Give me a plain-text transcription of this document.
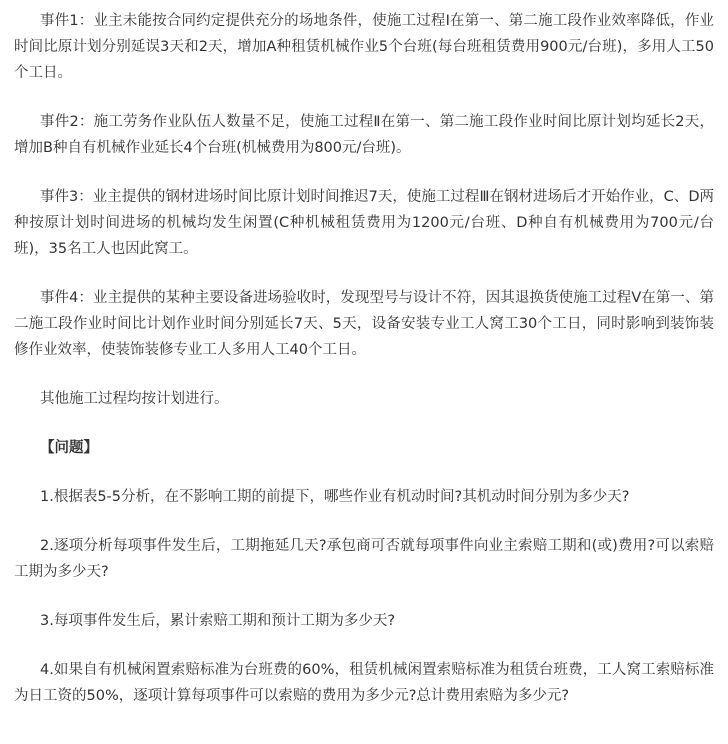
事件1：业主未能按合同约定提供充分的场地条件，使施工过程Ⅰ在第一、第二施工段作业效率降低，作业时间比原计划分别延误3天和2天，增加A种租赁机械作业5个台班(每台班租赁费用900元/台班)，多用人工50个工日。

事件2：施工劳务作业队伍人数量不足，使施工过程Ⅱ在第一、第二施工段作业时间比原计划均延长2天，增加B种自有机械作业延长4个台班(机械费用为800元/台班)。

事件3：业主提供的钢材进场时间比原计划时间推迟7天，使施工过程Ⅲ在钢材进场后才开始作业，C、D两种按原计划时间进场的机械均发生闲置(C种机械租赁费用为1200元/台班、D种自有机械费用为700元/台班)，35名工人也因此窝工。

事件4：业主提供的某种主要设备进场验收时，发现型号与设计不符，因其退换货使施工过程Ⅴ在第一、第二施工段作业时间比计划作业时间分别延长7天、5天，设备安装专业工人窝工30个工日，同时影响到装饰装修作业效率，使装饰装修专业工人多用人工40个工日。

其他施工过程均按计划进行。

【问题】

1.根据表5-5分析，在不影响工期的前提下，哪些作业有机动时间?其机动时间分别为多少天?

2.逐项分析每项事件发生后，工期拖延几天?承包商可否就每项事件向业主索赔工期和(或)费用?可以索赔工期为多少天?

3.每项事件发生后，累计索赔工期和预计工期为多少天?

4.如果自有机械闲置索赔标准为台班费的60%，租赁机械闲置索赔标准为租赁台班费，工人窝工索赔标准为日工资的50%，逐项计算每项事件可以索赔的费用为多少元?总计费用索赔为多少元?
